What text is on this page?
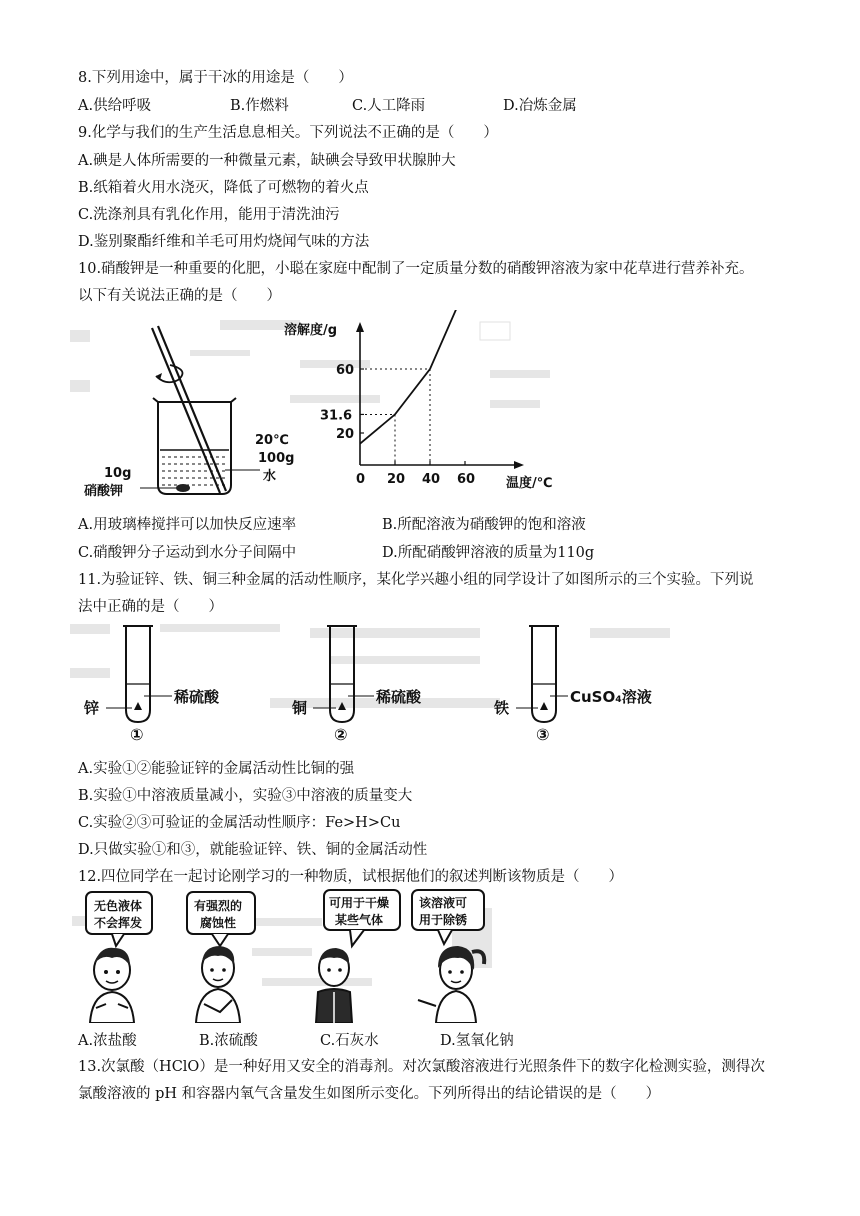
8.下列用途中，属于干冰的用途是（　　）
A.供给呼吸	B.作燃料	C.人工降雨	D.冶炼金属
9.化学与我们的生产生活息息相关。下列说法不正确的是（　　）
A.碘是人体所需要的一种微量元素，缺碘会导致甲状腺肿大
B.纸箱着火用水浇灭，降低了可燃物的着火点
C.洗涤剂具有乳化作用，能用于清洗油污
D.鉴别聚酯纤维和羊毛可用灼烧闻气味的方法
10.硝酸钾是一种重要的化肥，小聪在家庭中配制了一定质量分数的硝酸钾溶液为家中花草进行营养补充。
以下有关说法正确的是（　　）
20℃
100g
水
10g
硝酸钾
0 20 40 60
60
31.6
20
溶解度/g
温度/℃
A.用玻璃棒搅拌可以加快反应速率	B.所配溶液为硝酸钾的饱和溶液
C.硝酸钾分子运动到水分子间隔中	D.所配硝酸钾溶液的质量为110g
11.为验证锌、铁、铜三种金属的活动性顺序，某化学兴趣小组的同学设计了如图所示的三个实验。下列说
法中正确的是（　　）
锌
稀硫酸
①
铜
稀硫酸
②
铁
CuSO₄溶液
③
A.实验①②能验证锌的金属活动性比铜的强
B.实验①中溶液质量减小，实验③中溶液的质量变大
C.实验②③可验证的金属活动性顺序：Fe>H>Cu
D.只做实验①和③，就能验证锌、铁、铜的金属活动性
12.四位同学在一起讨论刚学习的一种物质，试根据他们的叙述判断该物质是（　　）
无色液体
不会挥发
有强烈的
腐蚀性
可用于干燥
某些气体
该溶液可
用于除锈
A.浓盐酸	B.浓硫酸	C.石灰水	D.氢氧化钠
13.次氯酸（HClO）是一种好用又安全的消毒剂。对次氯酸溶液进行光照条件下的数字化检测实验，测得次
氯酸溶液的 pH 和容器内氧气含量发生如图所示变化。下列所得出的结论错误的是（　　）
